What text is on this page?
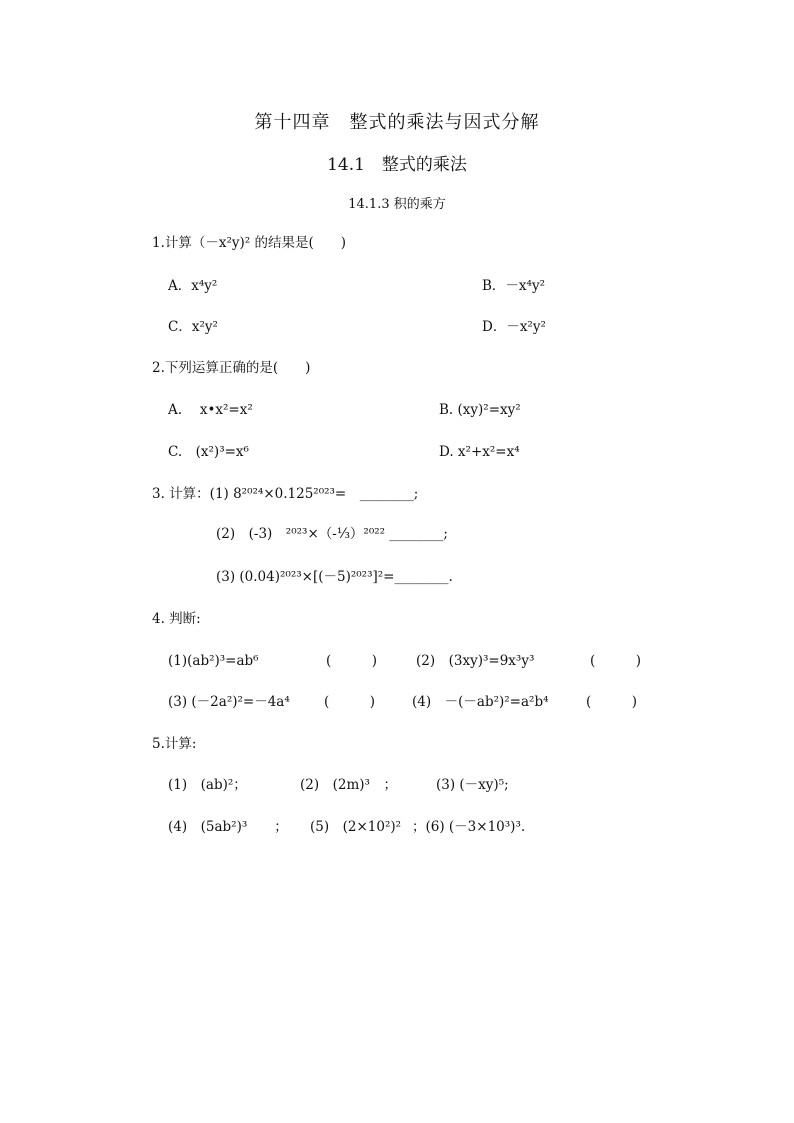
第十四章　整式的乘法与因式分解
14.1　整式的乘法
14.1.3 积的乘方
1.计算（－x²y)² 的结果是(　　)
A．x⁴y²	B．－x⁴y²
C．x²y²	D．－x²y²
2.下列运算正确的是(　　)
A.　 x•x²=x²	B. (xy)²=xy²
C.　(x²)³=x⁶	D. x²+x²=x⁴
3. 计算：(1) 8²⁰²⁴×0.125²⁰²³=　________;
(2)　(-3)　²⁰²³×（-⅓）²⁰²² ________;
(3) (0.04)²⁰²³×[(－5)²⁰²³]²=________.
4. 判断:
(1)(ab²)³=ab⁶	(　　　)	(2)　(3xy)³=9x³y³	(　　　)
(3) (－2a²)²=－4a⁴	(　　　)	(4)　－(－ab²)²=a²b⁴	(　　　)
5.计算:
(1)　(ab)²；	(2)　(2m)³　；	(3) (－xy)⁵;
(4)　(5ab²)³　　； (5)　(2×10²)² ；(6) (－3×10³)³.
